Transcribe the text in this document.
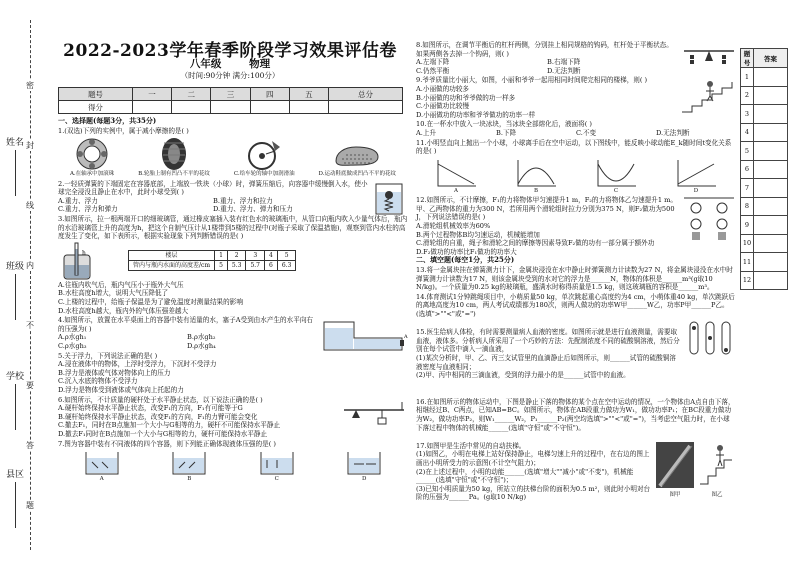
姓名
班级
学校
县区
密
封
线
内
不
要
答
题
2022-2023学年春季阶段学习效果评估卷
八年级	物理
（时间:90分钟 满分:100分）
题号	一	二	三	四	五	总分
得分						
一、选择题(每题3分，共35分)
1.(双选)下列的实例中，属于减小摩擦的是( )
A.在轴承中加滚珠	B.轮胎上制有凹凸不平的花纹	C.给车轮的轴中加润滑油	D.运动鞋底做成凹凸不平的花纹
2.一轻质弹簧的下端固定在容器底部，上端放一铁块（小球）时，弹簧压缩后，向容器中缓慢倒入水，使小球完全浸没且静止在水中，此时小球受到( )
A.重力、浮力	B.重力、浮力和拉力
C.重力、浮力和弹力	D.重力、浮力、弹力和压力
3.如图所示，拉一根两端开口的细玻璃管，通过橡皮塞插入装有红色水的玻璃瓶中，从管口向瓶内吹入少量气体后，瓶内的水沿玻璃管上升的高度为h，把这个自制气压计从1楼带到5楼的过程中(对瓶子采取了保温措施)，观察到管内水柱的高度发生了变化，如下表所示，根据实验现象下列判断错误的是( )
h	楼层	1	2	3	4	5
管内与瓶内水面的高度差/cm	5	5.3	5.7	6	6.3
A.往瓶内吹气后，瓶内气压小于瓶外大气压
B.水柱高度h增大，说明大气压降低了
C.上楼的过程中，给瓶子保温是为了避免温度对测量结果的影响
D.水柱高度h越大，瓶内外的气体压强差越大
4.如图所示，放置在水平桌面上的容器中装有适量的水，塞子A受到由水产生的水平向右的压强为( )
A.ρ水gh₁	B.ρ水gh₂
C.ρ水gh₃	D.ρ水gh₄
A
5.关于浮力，下列说法正确的是( )
A.浸在液体中的物体，上浮时受浮力，下沉时不受浮力
B.浮力是液体或气体对物体向上的压力
C.沉入水底的物体不受浮力
D.浮力是物体受到液体或气体向上托起的力
6.如图所示，不计质量的硬杆处于水平静止状态，以下说法正确的是( )
A.硬杆始终保持水平静止状态，改变F₁的方向，F₁有可能等于G
B.硬杆始终保持水平静止状态，改变F₁的方向，F₁的力臂可能会变化
C.撤去F₁，同时在B点施加一个大小与G相等的力，硬杆不可能保持水平静止
D.撤去F₁同时在B点施加一个大小与G相等的力，硬杆可能保持水平静止
7.图为容器中装有不同液体的四个容器，则下列能正确体现液体压强的是( )
A	B	C	D
8.如图所示，在调节平衡后的杠杆两侧，分别挂上相同规格的钩码，杠杆处于平衡状态。如果两侧各去掉一个钩码，则( )
A.左端下降	B.右端下降
C.仍然平衡	D.无法判断
9.爷爷质量比小丽大，如图，小丽和爷爷一起用相同时间爬完相同的楼梯，则( )
A.小丽做的功较多
B.小丽做的功和爷爷做的功一样多
C.小丽做功比较慢
D.小丽做功的功率和爷爷做功的功率一样
10.在一杯水中放入一块冰块，当冰块全部熔化后，液面将( )
A.上升	B.下降	C.不变	D.无法判断
11.小明竖直向上抛出一个小球，小球离手后在空中运动，以下图线中，能反映小球动能E_k随时间t变化关系的是( )
A	B	C	D
12.如图所示，不计摩擦，F₁的力将物体甲匀速提升1 m，F₂的力将物体乙匀速提升1 m。甲、乙两物体的重力为300 N，若所用两个滑轮组时拉力分别为375 N，则F₂做功为500 J，下列说法错误的是( )
A.滑轮组机械效率为60%
B.两个过程物体B均匀速运动，机械能增加
C.滑轮组的自重，绳子和滑轮之间的摩擦等因素导致F₂做的功有一部分属于额外功
D.F₂做功的功率比F₁做功的功率大
二、填空题(每空1分，共25分)
13.将一金属块挂在弹簧测力计下，金属块浸没在水中静止时弹簧测力计读数为27 N，将金属块浸没在水中时弹簧测力计读数为17 N，则该金属块受到的水对它的浮力是______N，物体的体积是______m³(g取10 N/kg)。一个质量为0.25 kg的玻璃瓶，盛满水时称得质量是1.5 kg，则这玻璃瓶的容积是______m³。
14.体育测试1分钟跳绳项目中，小萌质量50 kg，单次跳起重心高度约为4 cm，小萌体重40 kg，单次跳跃后的离地高度为10 cm，两人考试成绩都为180次，则两人做功的功率W甲______W乙，功率P甲______P乙。(选填">""<"或"=")

15.医生给病人体检，有时需要测量病人血液的密度。如图所示就是进行血液测量，需要取血液，液体多。分析病人所采用了一个巧妙的方法：先配制浓度不同的硫酸铜溶液，然后分别在每个试管中滴入一滴血液，
(1)某次分析时，甲、乙、丙三支试管里的血滴静止后如图所示，则______试管的硫酸铜溶液密度与血液相同；
(2)甲、丙中相同的三滴血液，受到的浮力最小的是______试管中的血液。

16.在如图所示的物体运动中，下图是静止下落的物体的某个点在空中运动的情况，一个物体由A点自由下落，相继经过B、C两点，已知AB=BC。如图所示，物体在AB段重力做功为W₁，做功功率P₁；在BC段重力做功为W₂，做功功率P₂，则W₁______W₂，P₁______P₂(两空均选填">""<"或"=")，当考虑空气阻力时，在小球下落过程中物体的机械能______(选填"守恒"或"不守恒")。

17.如图甲是生活中常见的自动扶梯。
(1)如图乙，小明在电梯上站好保持静止，电梯匀速上升的过程中，在右边的图上画出小明所受力的示意图(不计空气阻力)；
(2)在上述过程中，小明的动能______(选填"增大""减小"或"不变")，机械能______(选填"守恒"或"不守恒")；
(3)已知小明质量为50 kg，所站立的扶梯台阶的面积为0.5 m²，则此时小明对台阶的压强为______Pa。(g取10 N/kg)	图甲	图乙

题号	答案
1	
2	
3	
4	
5	
6	
7	
8	
9	
10	
11	
12	
